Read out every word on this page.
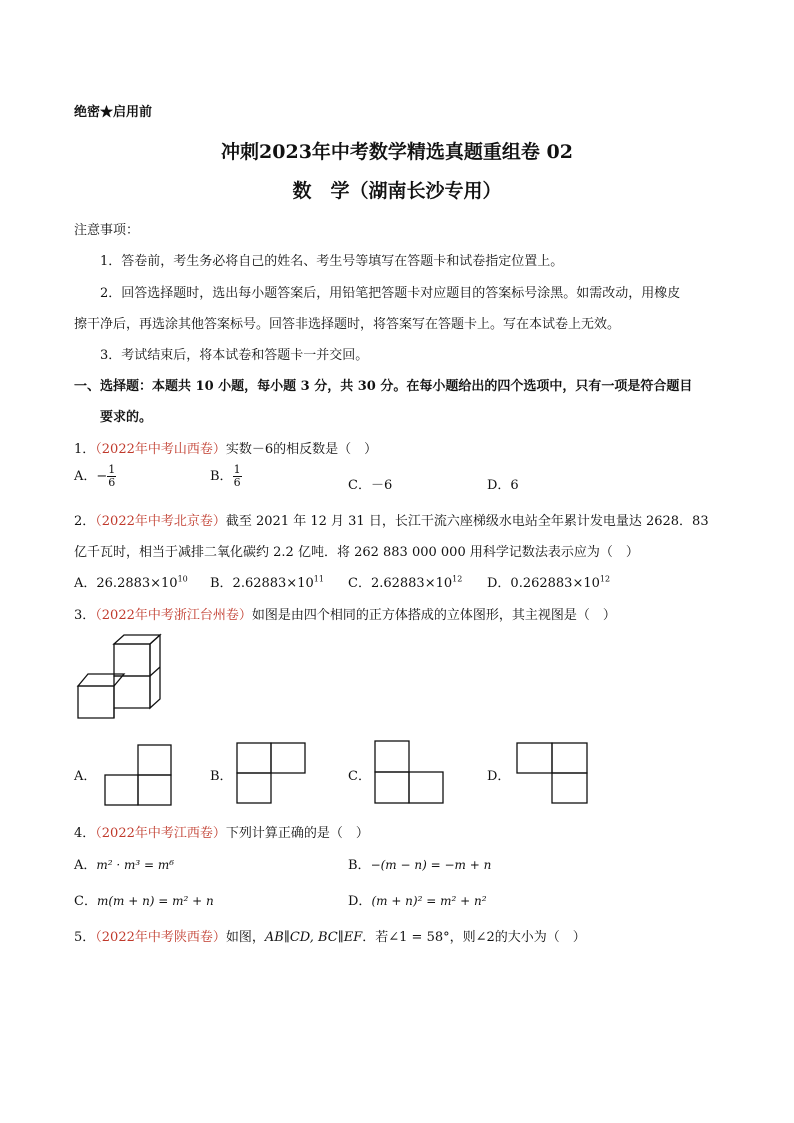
绝密★启用前
冲刺2023年中考数学精选真题重组卷 02
数　学（湖南长沙专用）
注意事项：
1．答卷前，考生务必将自己的姓名、考生号等填写在答题卡和试卷指定位置上。
2．回答选择题时，选出每小题答案后，用铅笔把答题卡对应题目的答案标号涂黑。如需改动，用橡皮
擦干净后，再选涂其他答案标号。回答非选择题时，将答案写在答题卡上。写在本试卷上无效。
3．考试结束后，将本试卷和答题卡一并交回。
一、选择题：本题共 10 小题，每小题 3 分，共 30 分。在每小题给出的四个选项中，只有一项是符合题目
要求的。
1．（2022年中考山西卷）实数－6的相反数是（　）
A．− $\frac{1}{6}$	B． $\frac{1}{6}$	C．－6	D．6
2．（2022年中考北京卷）截至 2021 年 12 月 31 日，长江干流六座梯级水电站全年累计发电量达 2628．83
亿千瓦时，相当于减排二氧化碳约 2.2 亿吨．将 262 883 000 000 用科学记数法表示应为（　）
A．$26.2883\times 10^{10}$ B．$2.62883\times 10^{11}$ C．$2.62883\times 10^{12}$ D．$0.262883\times 10^{12}$
3．（2022年中考浙江台州卷）如图是由四个相同的正方体搭成的立体图形，其主视图是（　）
A．	B．	C．	D．
4．（2022年中考江西卷）下列计算正确的是（　）
A．m² · m³ = m⁶	B．−(m − n) = −m + n
C．m(m + n) = m² + n	D．(m + n)² = m² + n²
5．（2022年中考陕西卷）如图，AB∥CD, BC∥EF．若∠1 = 58°，则∠2的大小为（　）
